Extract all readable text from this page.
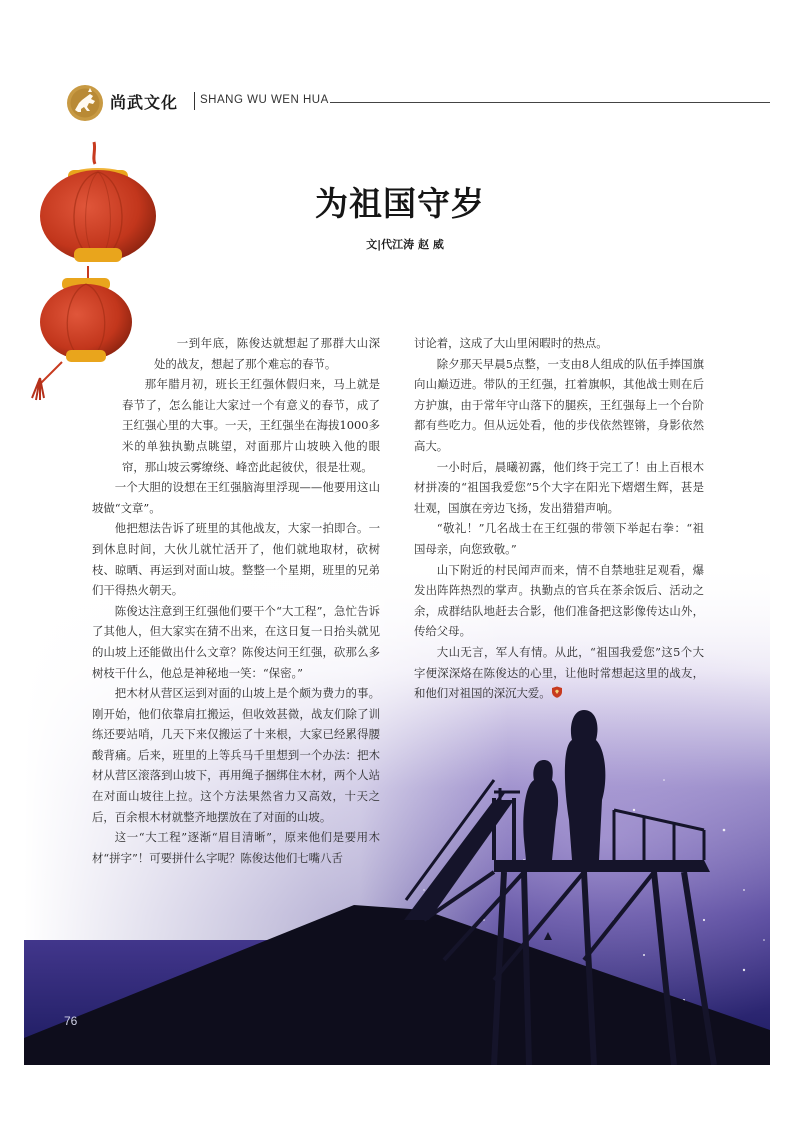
尚武文化 SHANG WU WEN HUA
为祖国守岁
文|代江涛 赵 威

一到年底，陈俊达就想起了那群大山深处的战友，想起了那个难忘的春节。

那年腊月初，班长王红强休假归来，马上就是春节了，怎么能让大家过一个有意义的春节，成了王红强心里的大事。一天，王红强坐在海拔1000多米的单独执勤点眺望，对面那片山坡映入他的眼帘，那山坡云雾缭绕、峰峦此起彼伏，很是壮观。

一个大胆的设想在王红强脑海里浮现——他要用这山坡做“文章”。

他把想法告诉了班里的其他战友，大家一拍即合。一到休息时间，大伙儿就忙活开了，他们就地取材，砍树枝、晾晒、再运到对面山坡。整整一个星期，班里的兄弟们干得热火朝天。

陈俊达注意到王红强他们要干个“大工程”，急忙告诉了其他人，但大家实在猜不出来，在这日复一日抬头就见的山坡上还能做出什么文章？陈俊达问王红强，砍那么多树枝干什么，他总是神秘地一笑：“保密。”

把木材从营区运到对面的山坡上是个颇为费力的事。刚开始，他们依靠肩扛搬运，但收效甚微，战友们除了训练还要站哨，几天下来仅搬运了十来根，大家已经累得腰酸背痛。后来，班里的上等兵马千里想到一个办法：把木材从营区滚落到山坡下，再用绳子捆绑住木材，两个人站在对面山坡往上拉。这个方法果然省力又高效，十天之后，百余根木材就整齐地摆放在了对面的山坡。

这一“大工程”逐渐“眉目清晰”，原来他们是要用木材“拼字”！可要拼什么字呢？陈俊达他们七嘴八舌

讨论着，这成了大山里闲暇时的热点。

除夕那天早晨5点整，一支由8人组成的队伍手捧国旗向山巅迈进。带队的王红强，扛着旗帜，其他战士则在后方护旗，由于常年守山落下的腿疾，王红强每上一个台阶都有些吃力。但从远处看，他的步伐依然铿锵，身影依然高大。

一小时后，晨曦初露，他们终于完工了！由上百根木材拼凑的“祖国我爱您”5个大字在阳光下熠熠生辉，甚是壮观，国旗在旁边飞扬，发出猎猎声响。

“敬礼！”几名战士在王红强的带领下举起右拳：“祖国母亲，向您致敬。”

山下附近的村民闻声而来，情不自禁地驻足观看，爆发出阵阵热烈的掌声。执勤点的官兵在茶余饭后、活动之余，成群结队地赶去合影，他们准备把这影像传达山外，传给父母。

大山无言，军人有情。从此，“祖国我爱您”这5个大字便深深烙在陈俊达的心里，让他时常想起这里的战友，和他们对祖国的深沉大爱。

76
